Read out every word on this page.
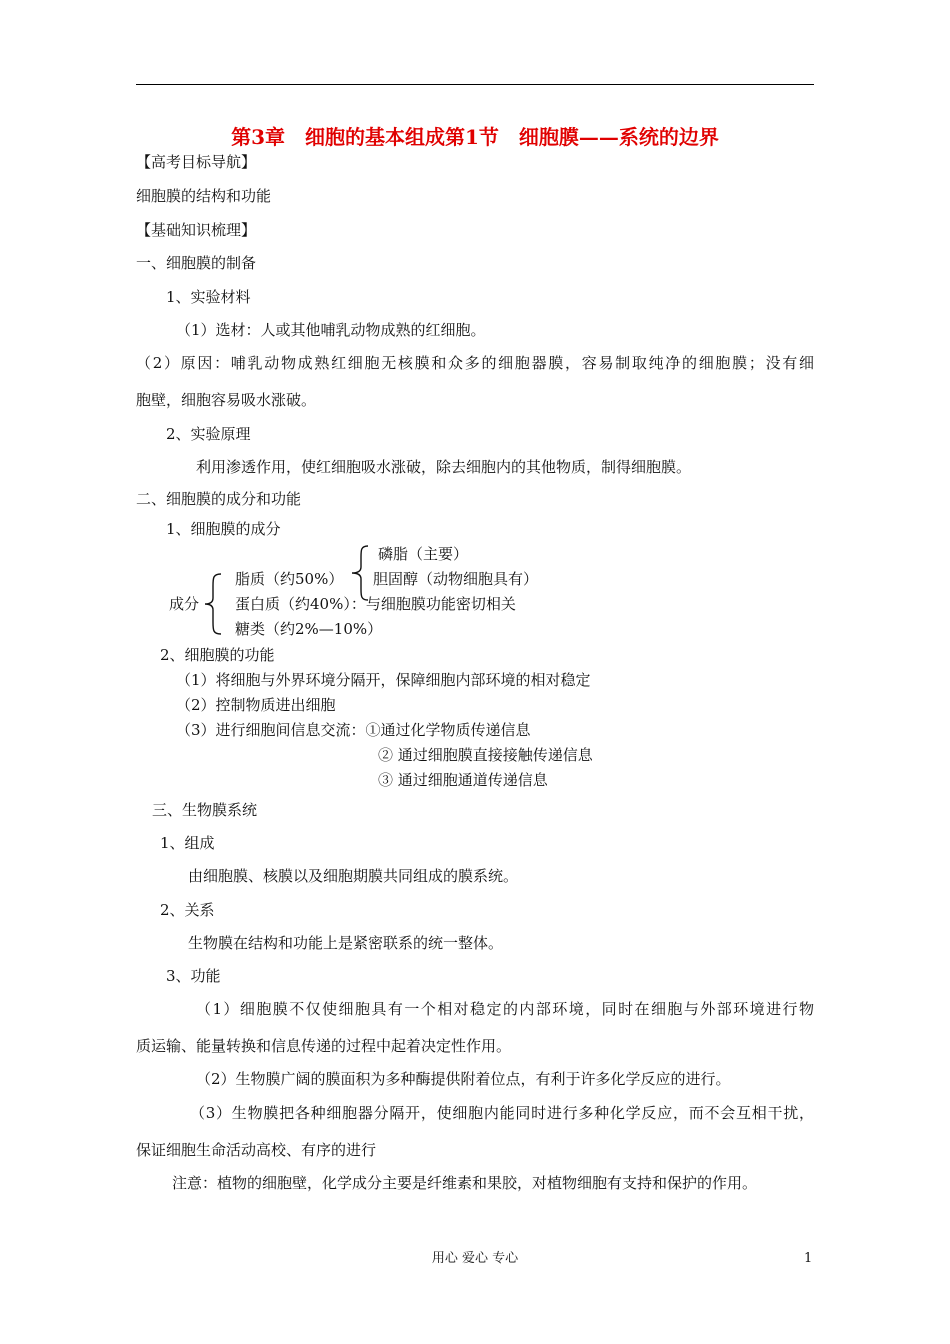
第3章　细胞的基本组成第1节　细胞膜——系统的边界
【高考目标导航】
细胞膜的结构和功能
【基础知识梳理】
一、细胞膜的制备
1、实验材料
（1）选材：人或其他哺乳动物成熟的红细胞。
（2）原因：哺乳动物成熟红细胞无核膜和众多的细胞器膜，容易制取纯净的细胞膜；没有细
胞壁，细胞容易吸水涨破。
2、实验原理
利用渗透作用，使红细胞吸水涨破，除去细胞内的其他物质，制得细胞膜。
二、细胞膜的成分和功能
1、细胞膜的成分
成分
脂质（约50%）
磷脂（主要）
胆固醇（动物细胞具有）
蛋白质（约40%）：与细胞膜功能密切相关
糖类（约2%—10%）
2、细胞膜的功能
（1）将细胞与外界环境分隔开，保障细胞内部环境的相对稳定
（2）控制物质进出细胞
（3）进行细胞间信息交流：①通过化学物质传递信息
② 通过细胞膜直接接触传递信息
③ 通过细胞通道传递信息
三、生物膜系统
1、组成
由细胞膜、核膜以及细胞期膜共同组成的膜系统。
2、关系
生物膜在结构和功能上是紧密联系的统一整体。
3、功能
（1）细胞膜不仅使细胞具有一个相对稳定的内部环境，同时在细胞与外部环境进行物
质运输、能量转换和信息传递的过程中起着决定性作用。
（2）生物膜广阔的膜面积为多种酶提供附着位点，有利于许多化学反应的进行。
（3）生物膜把各种细胞器分隔开，使细胞内能同时进行多种化学反应，而不会互相干扰，
保证细胞生命活动高校、有序的进行
注意：植物的细胞壁，化学成分主要是纤维素和果胶，对植物细胞有支持和保护的作用。
用心 爱心 专心	1
